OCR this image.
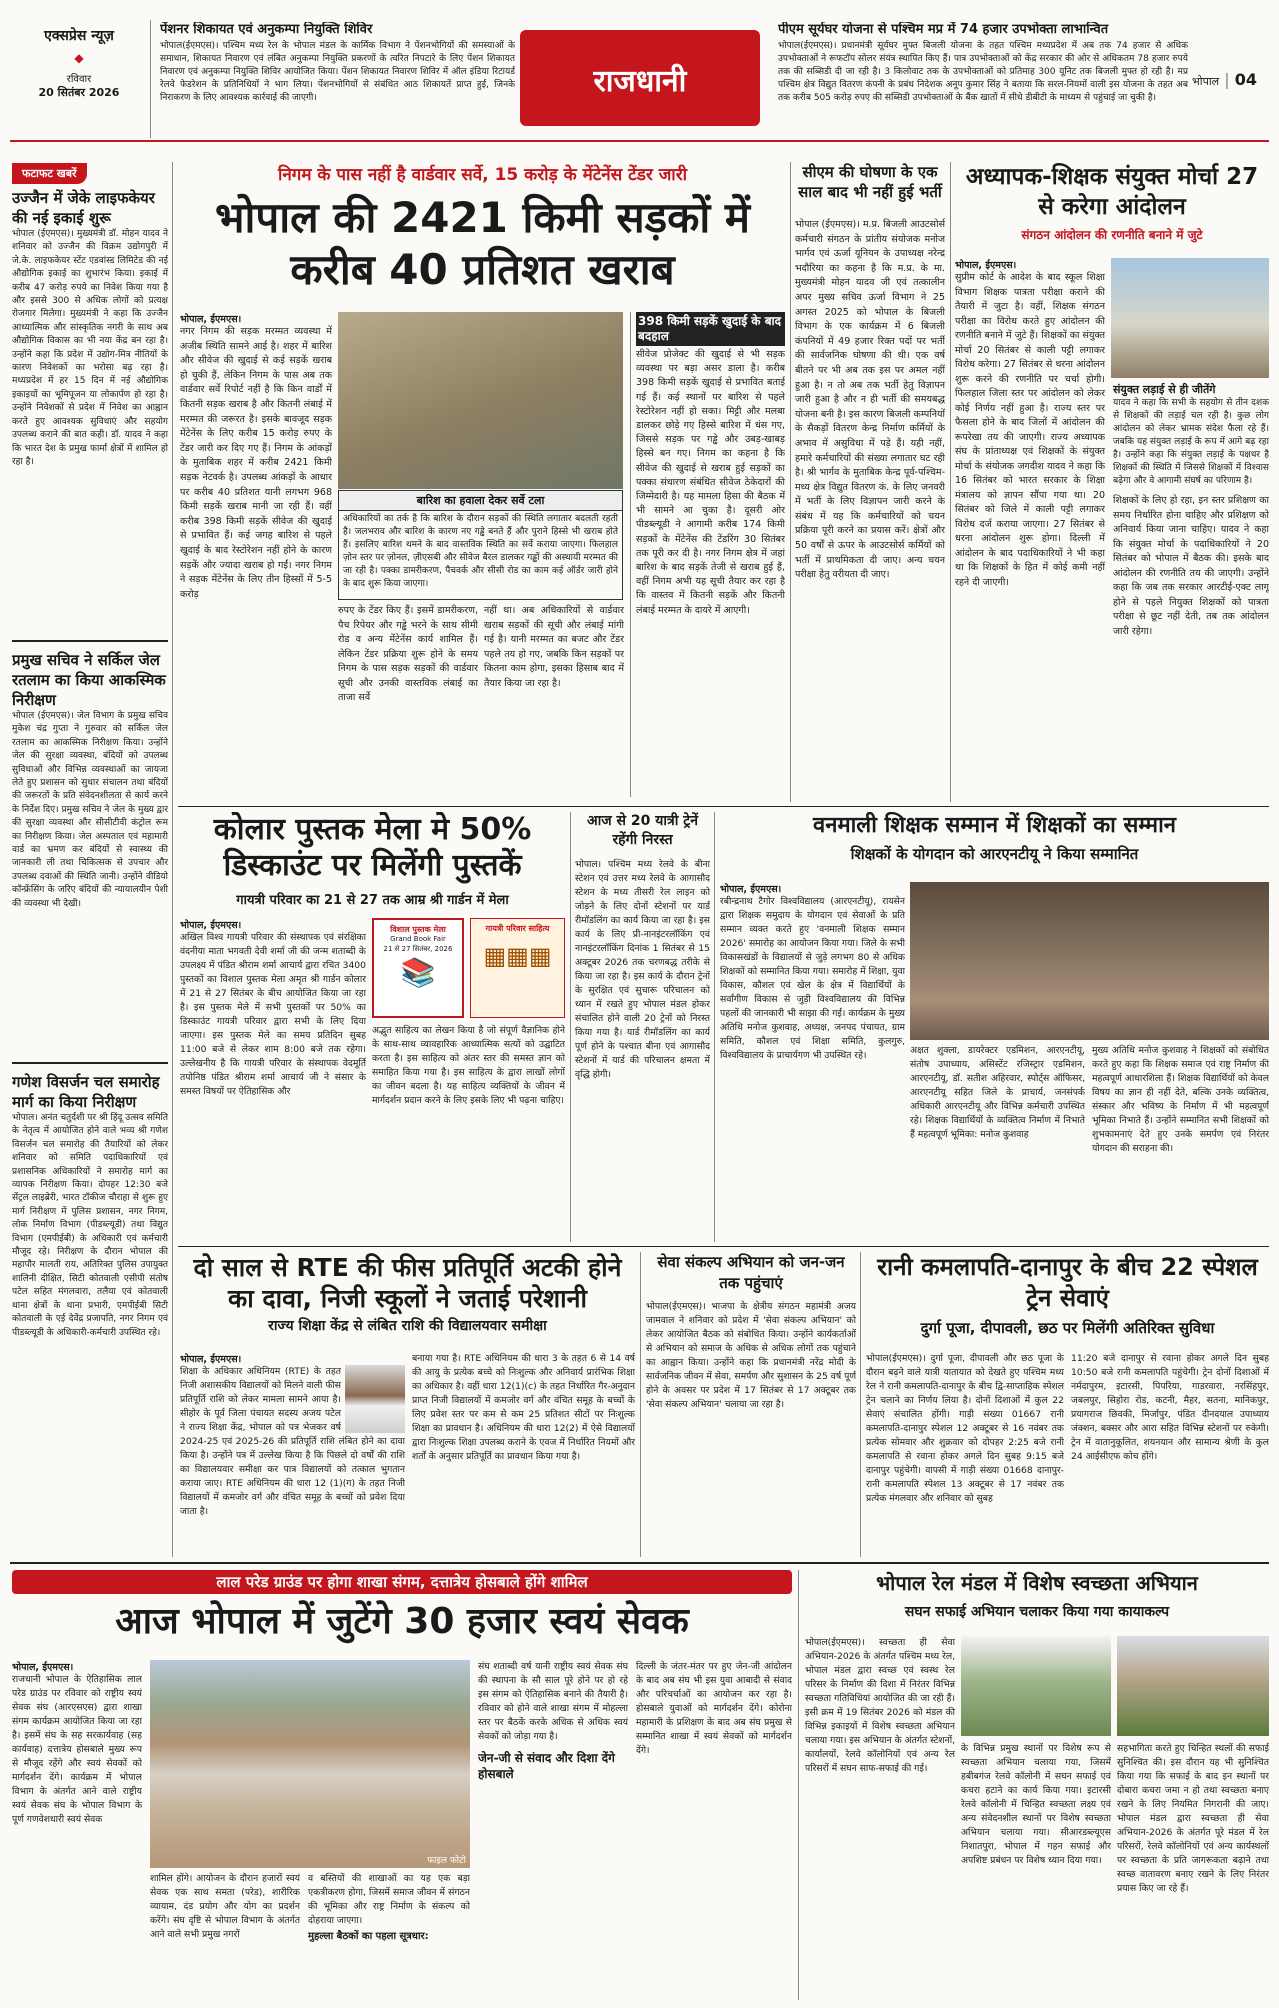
एक्सप्रेस न्यूज़
◆
रविवार
20 सितंबर 2026
पेंशनर शिकायत एवं अनुकम्पा नियुक्ति शिविर
भोपाल(ईएमएस)। पश्चिम मध्य रेल के भोपाल मंडल के कार्मिक विभाग ने पेंशनभोगियों की समस्याओं के समाधान, शिकायत निवारण एवं लंबित अनुकम्पा नियुक्ति प्रकरणों के त्वरित निपटारे के लिए पेंशन शिकायत निवारण एवं अनुकम्पा नियुक्ति शिविर आयोजित किया। पेंशन शिकायत निवारण शिविर में ऑल इंडिया रिटायर्ड रेलवे फेडरेशन के प्रतिनिधियों ने भाग लिया। पेंशनभोगियों से संबंधित आठ शिकायतें प्राप्त हुई, जिनके निराकरण के लिए आवश्यक कार्रवाई की जाएगी।	राजधानी
पीएम सूर्यघर योजना से पश्चिम मप्र में 74 हजार उपभोक्ता लाभान्वित
भोपाल(ईएमएस)। प्रधानमंत्री सूर्यघर मुफ्त बिजली योजना के तहत पश्चिम मध्यप्रदेश में अब तक 74 हजार से अधिक उपभोक्ताओं ने रूफटॉप सोलर संयंत्र स्थापित किए हैं। पात्र उपभोक्ताओं को केंद्र सरकार की ओर से अधिकतम 78 हजार रुपये तक की सब्सिडी दी जा रही है। 3 किलोवाट तक के उपभोक्ताओं को प्रतिमाह 300 यूनिट तक बिजली मुफ्त हो रही है। मप्र पश्चिम क्षेत्र विद्युत वितरण कंपनी के प्रबंध निदेशक अनूप कुमार सिंह ने बताया कि सरल-नियमों वाली इस योजना के तहत अब तक करीब 505 करोड़ रुपए की सब्सिडी उपभोक्ताओं के बैंक खातों में सीधे डीबीटी के माध्यम से पहुंचाई जा चुकी है।
भोपाल | 04
फटाफट खबरें
उज्जैन में जेके लाइफकेयर की नई इकाई शुरू
भोपाल (ईएमएस)। मुख्यमंत्री डॉ. मोहन यादव ने शनिवार को उज्जैन की विक्रम उद्योगपुरी में जे.के. लाइफकेयर स्टेंट एडवांस्ड लिमिटेड की नई औद्योगिक इकाई का शुभारंभ किया। इकाई में करीब 47 करोड़ रुपये का निवेश किया गया है और इससे 300 से अधिक लोगों को प्रत्यक्ष रोजगार मिलेगा। मुख्यमंत्री ने कहा कि उज्जैन आध्यात्मिक और सांस्कृतिक नगरी के साथ अब औद्योगिक विकास का भी नया केंद्र बन रहा है। उन्होंने कहा कि प्रदेश में उद्योग-मित्र नीतियों के कारण निवेशकों का भरोसा बढ़ रहा है। मध्यप्रदेश में हर 15 दिन में नई औद्योगिक इकाइयों का भूमिपूजन या लोकार्पण हो रहा है। उन्होंने निवेशकों से प्रदेश में निवेश का आह्वान करते हुए आवश्यक सुविधाएं और सहयोग उपलब्ध कराने की बात कही। डॉ. यादव ने कहा कि भारत देश के प्रमुख फार्मा क्षेत्रों में शामिल हो रहा है।
प्रमुख सचिव ने सर्किल जेल रतलाम का किया आकस्मिक निरीक्षण
भोपाल (ईएमएस)। जेल विभाग के प्रमुख सचिव मुकेश चंद्र गुप्ता ने गुरुवार को सर्किल जेल रतलाम का आकस्मिक निरीक्षण किया। उन्होंने जेल की सुरक्षा व्यवस्था, बंदियों को उपलब्ध सुविधाओं और विभिन्न व्यवस्थाओं का जायजा लेते हुए प्रशासन को सुधार संचालन तथा बंदियों की जरूरतों के प्रति संवेदनशीलता से कार्य करने के निर्देश दिए। प्रमुख सचिव ने जेल के मुख्य द्वार की सुरक्षा व्यवस्था और सीसीटीवी कंट्रोल रूम का निरीक्षण किया। जेल अस्पताल एवं महामारी वार्ड का भ्रमण कर बंदियों से स्वास्थ्य की जानकारी ली तथा चिकित्सक से उपचार और उपलब्ध दवाओं की स्थिति जानी। उन्होंने वीडियो कॉन्फ्रेंसिंग के जरिए बंदियों की न्यायालयीन पेशी की व्यवस्था भी देखी।
गणेश विसर्जन चल समारोह मार्ग का किया निरीक्षण
भोपाल। अनंत चतुर्दशी पर श्री हिंदू उत्सव समिति के नेतृत्व में आयोजित होने वाले भव्य श्री गणेश विसर्जन चल समारोह की तैयारियों को लेकर शनिवार को समिति पदाधिकारियों एवं प्रशासनिक अधिकारियों ने समारोह मार्ग का व्यापक निरीक्षण किया। दोपहर 12:30 बजे सेंट्रल लाइब्रेरी, भारत टॉकीज चौराहा से शुरू हुए मार्ग निरीक्षण में पुलिस प्रशासन, नगर निगम, लोक निर्माण विभाग (पीडब्ल्यूडी) तथा विद्युत विभाग (एमपीईबी) के अधिकारी एवं कर्मचारी मौजूद रहे। निरीक्षण के दौरान भोपाल की महापौर मालती राय, अतिरिक्त पुलिस उपायुक्त शालिनी दीक्षित, सिटी कोतवाली एसीपी संतोष पटेल सहित मंगलवारा, तलैया एवं कोतवाली थाना क्षेत्रों के थाना प्रभारी, एमपीईबी सिटी कोतवाली के एई देवेंद्र प्रजापति, नगर निगम एवं पीडब्ल्यूडी के अधिकारी-कर्मचारी उपस्थित रहे।
निगम के पास नहीं है वार्डवार सर्वे, 15 करोड़ के मेंटेनेंस टेंडर जारी
भोपाल की 2421 किमी सड़कों में करीब 40 प्रतिशत खराब
भोपाल, ईएमएस।
नगर निगम की सड़क मरम्मत व्यवस्था में अजीब स्थिति सामने आई है। शहर में बारिश और सीवेज की खुदाई से कई सड़कें खराब हो चुकी हैं, लेकिन निगम के पास अब तक वार्डवार सर्वे रिपोर्ट नहीं है कि किन वार्डों में कितनी सड़क खराब है और कितनी लंबाई में मरम्मत की जरूरत है। इसके बावजूद सड़क मेंटेनेंस के लिए करीब 15 करोड़ रुपए के टेंडर जारी कर दिए गए हैं। निगम के आंकड़ों के मुताबिक शहर में करीब 2421 किमी सड़क नेटवर्क है। उपलब्ध आंकड़ों के आधार पर करीब 40 प्रतिशत यानी लगभग 968 किमी सड़कें खराब मानी जा रही हैं। वहीं करीब 398 किमी सड़कें सीवेज की खुदाई से प्रभावित हैं। कई जगह बारिश से पहले खुदाई के बाद रेस्टोरेशन नहीं होने के कारण सड़कें और ज्यादा खराब हो गईं। नगर निगम ने सड़क मेंटेनेंस के लिए तीन हिस्सों में 5-5 करोड़
बारिश का हवाला देकर सर्वे टला
अधिकारियों का तर्क है कि बारिश के दौरान सड़कों की स्थिति लगातार बदलती रहती है। जलभराव और बारिश के कारण नए गड्ढे बनते हैं और पुराने हिस्से भी खराब होते हैं। इसलिए बारिश थमने के बाद वास्तविक स्थिति का सर्वे कराया जाएगा। फिलहाल ज़ोन स्तर पर ज़ोनल, ज़ीएसबी और सीवेज बैरल डालकर गड्ढों की अस्थायी मरम्मत की जा रही है। पक्का डामरीकरण, पैचवर्क और सीसी रोड का काम कई ऑर्डर जारी होने के बाद शुरू किया जाएगा।
रुपए के टेंडर किए हैं। इसमें डामरीकरण, पैच रिपेयर और गड्ढे भरने के साथ सीमी रोड व अन्य मेंटेनेंस कार्य शामिल हैं। लेकिन टेंडर प्रक्रिया शुरू होने के समय निगम के पास सड़क सड़कों की वार्डवार सूची और उनकी वास्तविक लंबाई का ताजा सर्वे
नहीं था। अब अधिकारियों से वार्डवार खराब सड़कों की सूची और लंबाई मांगी गई है। यानी मरम्मत का बजट और टेंडर पहले तय हो गए, जबकि किन सड़कों पर कितना काम होगा, इसका हिसाब बाद में तैयार किया जा रहा है।
398 किमी सड़कें खुदाई के बाद बदहाल
सीवेज प्रोजेक्ट की खुदाई से भी सड़क व्यवस्था पर बड़ा असर डाला है। करीब 398 किमी सड़कें खुदाई से प्रभावित बताई गई हैं। कई स्थानों पर बारिश से पहले रेस्टोरेशन नहीं हो सका। मिट्टी और मलबा डालकर छोड़े गए हिस्से बारिश में धंस गए, जिससे सड़क पर गड्ढे और उबड़-खाबड़ हिस्से बन गए। निगम का कहना है कि सीवेज की खुदाई से खराब हुई सड़कों का पक्का संधारण संबंधित सीवेज ठेकेदारों की जिम्मेदारी है। यह मामला हिसा की बैठक में भी सामने आ चुका है। दूसरी ओर पीडब्ल्यूडी ने आगामी करीब 174 किमी सड़कों के मेंटेनेंस की टेंडरिंग 30 सितंबर तक पूरी कर दी है। नगर निगम क्षेत्र में जहां बारिश के बाद सड़कें तेजी से खराब हुई हैं, वहीं निगम अभी यह सूची तैयार कर रहा है कि वास्तव में कितनी सड़कें और कितनी लंबाई मरम्मत के दायरे में आएगी।
सीएम की घोषणा के एक साल बाद भी नहीं हुई भर्ती
भोपाल (ईएमएस)। म.प्र. बिजली आउटसोर्स कर्मचारी संगठन के प्रांतीय संयोजक मनोज भार्गव एवं ऊर्जा यूनियन के उपाध्यक्ष नरेन्द्र भदौरिया का कहना है कि म.प्र. के मा. मुख्यमंत्री मोहन यादव जी एवं तत्कालीन अपर मुख्य सचिव ऊर्जा विभाग ने 25 अगस्त 2025 को भोपाल के बिजली विभाग के एक कार्यक्रम में 6 बिजली कंपनियों में 49 हजार रिक्त पदों पर भर्ती की सार्वजनिक घोषणा की थी। एक वर्ष बीतने पर भी अब तक इस पर अमल नहीं हुआ है। न तो अब तक भर्ती हेतु विज्ञापन जारी हुआ है और न ही भर्ती की समयबद्ध योजना बनी है। इस कारण बिजली कम्पनियों के सैकड़ों वितरण केन्द्र निर्माण कर्मियों के अभाव में असुविधा में पड़े हैं। यही नहीं, हमारे कर्मचारियों की संख्या लगातार घट रही है। श्री भार्गव के मुताबिक केन्द्र पूर्व-पश्चिम-मध्य क्षेत्र विद्युत वितरण कं. के लिए जनवरी में भर्ती के लिए विज्ञापन जारी करने के संबंध में यह कि कर्मचारियों को चयन प्रक्रिया पूरी करने का प्रयास करें। क्षेत्रों और 50 वर्षों से ऊपर के आउटसोर्स कर्मियों को भर्ती में प्राथमिकता दी जाए। अन्य चयन परीक्षा हेतु वरीयता दी जाए।
अध्यापक-शिक्षक संयुक्त मोर्चा 27 से करेगा आंदोलन
संगठन आंदोलन की रणनीति बनाने में जुटे
भोपाल, ईएमएस।
सुप्रीम कोर्ट के आदेश के बाद स्कूल शिक्षा विभाग शिक्षक पात्रता परीक्षा कराने की तैयारी में जुटा है। वहीं, शिक्षक संगठन परीक्षा का विरोध करते हुए आंदोलन की रणनीति बनाने में जुटे हैं। शिक्षकों का संयुक्त मोर्चा 20 सितंबर से काली पट्टी लगाकर विरोध करेगा। 27 सितंबर से धरना आंदोलन शुरू करने की रणनीति पर चर्चा होगी। फिलहाल जिला स्तर पर आंदोलन को लेकर कोई निर्णय नहीं हुआ है। राज्य स्तर पर फैसला होने के बाद जिलों में आंदोलन की रूपरेखा तय की जाएगी। राज्य अध्यापक संघ के प्रांताध्यक्ष एवं शिक्षकों के संयुक्त मोर्चा के संयोजक जगदीश यादव ने कहा कि 16 सितंबर को भारत सरकार के शिक्षा मंत्रालय को ज्ञापन सौंपा गया था। 20 सितंबर को जिले में काली पट्टी लगाकर विरोध दर्ज कराया जाएगा। 27 सितंबर से धरना आंदोलन शुरू होगा। दिल्ली में आंदोलन के बाद पदाधिकारियों ने भी कहा था कि शिक्षकों के हित में कोई कमी नहीं रहने दी जाएगी।
संयुक्त लड़ाई से ही जीतेंगे
यादव ने कहा कि सभी के सहयोग से तीन दशक से शिक्षकों की लड़ाई चल रही है। कुछ लोग आंदोलन को लेकर भ्रामक संदेश फैला रहे हैं। जबकि यह संयुक्त लड़ाई के रूप में आगे बढ़ रहा है। उन्होंने कहा कि संयुक्त लड़ाई के पक्षधर है शिक्षकों की स्थिति में जिससे शिक्षकों में विश्वास बढ़ेगा और वे आगामी संघर्ष का परिणाम है।
शिक्षकों के लिए हो रहा, इन स्तर प्रशिक्षण का समय निर्धारित होना चाहिए और प्रशिक्षण को अनिवार्य किया जाना चाहिए। यादव ने कहा कि संयुक्त मोर्चा के पदाधिकारियों ने 20 सितंबर को भोपाल में बैठक की। इसके बाद आंदोलन की रणनीति तय की जाएगी। उन्होंने कहा कि जब तक सरकार आरटीई-एक्ट लागू होने से पहले नियुक्त शिक्षकों को पात्रता परीक्षा से छूट नहीं देती, तब तक आंदोलन जारी रहेगा।
कोलार पुस्तक मेला मे 50% डिस्काउंट पर मिलेंगी पुस्तकें
गायत्री परिवार का 21 से 27 तक आम्र श्री गार्डन में मेला
भोपाल, ईएमएस।
अखिल विश्व गायत्री परिवार की संस्थापक एवं संरक्षिका वंदनीया माता भगवती देवी शर्मा जी की जन्म शताब्दी के उपलक्ष्य में पंडित श्रीराम शर्मा आचार्य द्वारा रचित 3400 पुस्तकों का विशाल पुस्तक मेला अमृत श्री गार्डन कोलार में 21 से 27 सितंबर के बीच आयोजित किया जा रहा है। इस पुस्तक मेले में सभी पुस्तकों पर 50% का डिस्काउंट गायत्री परिवार द्वारा सभी के लिए दिया जाएगा। इस पुस्तक मेले का समय प्रतिदिन सुबह 11:00 बजे से लेकर शाम 8:00 बजे तक रहेगा। उल्लेखनीय है कि गायत्री परिवार के संस्थापक वेदमूर्ति तपोनिष्ठ पंडित श्रीराम शर्मा आचार्य जी ने संसार के समस्त विषयों पर ऐतिहासिक और
विशाल पुस्तक मेला
Grand Book Fair
21 से 27 सितंबर, 2026
📚
गायत्री परिवार साहित्य
▦▦▦
अद्भुत साहित्य का लेखन किया है जो संपूर्ण वैज्ञानिक होने के साथ-साथ व्यावहारिक आध्यात्मिक सत्यों को उद्घाटित करता है। इस साहित्य को अंतर स्तर की समस्त ज्ञान को समाहित किया गया है। इस साहित्य के द्वारा लाखों लोगों का जीवन बदला है। यह साहित्य व्यक्तियों के जीवन में मार्गदर्शन प्रदान करने के लिए इसके लिए भी पढ़ना चाहिए।
आज से 20 यात्री ट्रेनें रहेंगी निरस्त
भोपाल। पश्चिम मध्य रेलवे के बीना स्टेशन एवं उत्तर मध्य रेलवे के आगासौद स्टेशन के मध्य तीसरी रेल लाइन को जोड़ने के लिए दोनों स्टेशनों पर यार्ड रीमॉडलिंग का कार्य किया जा रहा है। इस कार्य के लिए प्री-नानइंटरलॉकिंग एवं नानइंटरलॉकिंग दिनांक 1 सितंबर से 15 अक्टूबर 2026 तक चरणबद्ध तरीके से किया जा रहा है। इस कार्य के दौरान ट्रेनों के सुरक्षित एवं सुचारू परिचालन को ध्यान में रखते हुए भोपाल मंडल होकर संचालित होने वाली 20 ट्रेनों को निरस्त किया गया है। यार्ड रीमॉडलिंग का कार्य पूर्ण होने के पश्चात बीना एवं आगासौद स्टेशनों में यार्ड की परिचालन क्षमता में वृद्धि होगी।
वनमाली शिक्षक सम्मान में शिक्षकों का सम्मान
शिक्षकों के योगदान को आरएनटीयू ने किया सम्मानित
भोपाल, ईएमएस।
रबीन्द्रनाथ टैगोर विश्वविद्यालय (आरएनटीयू), रायसेन द्वारा शिक्षक समुदाय के योगदान एवं सेवाओं के प्रति सम्मान व्यक्त करते हुए 'वनमाली शिक्षक सम्मान 2026' समारोह का आयोजन किया गया। जिले के सभी विकासखंडों के विद्यालयों से जुड़े लगभग 80 से अधिक शिक्षकों को सम्मानित किया गया। समारोह में शिक्षा, युवा विकास, कौशल एवं खेल के क्षेत्र में विद्यार्थियों के सर्वांगीण विकास से जुड़ी विश्वविद्यालय की विभिन्न पहलों की जानकारी भी साझा की गई। कार्यक्रम के मुख्य अतिथि मनोज कुशवाह, अध्यक्ष, जनपद पंचायत, ग्राम समिति, कौशल एवं शिक्षा समिति, कुलगुरु, विश्वविद्यालय के प्राचार्यगण भी उपस्थित रहे।	अक्षत शुक्ला, डायरेक्टर एडमिशन, आरएनटीयू, संतोष उपाध्याय, असिस्टेंट रजिस्ट्रार एडमिशन, आरएनटीयू, डॉ. सतीश अहिरवार, स्पोर्ट्स ऑफिसर, आरएनटीयू सहित जिले के प्राचार्य, जनसंपर्क अधिकारी आरएनटीयू और विभिन्न कर्मचारी उपस्थित रहे। शिक्षक विद्यार्थियों के व्यक्तित्व निर्माण में निभाते हैं महत्वपूर्ण भूमिका: मनोज कुशवाह
मुख्य अतिथि मनोज कुशवाह ने शिक्षकों को संबोधित करते हुए कहा कि शिक्षक समाज एवं राष्ट्र निर्माण की महत्वपूर्ण आधारशिला हैं। शिक्षक विद्यार्थियों को केवल विषय का ज्ञान ही नहीं देते, बल्कि उनके व्यक्तित्व, संस्कार और भविष्य के निर्माण में भी महत्वपूर्ण भूमिका निभाते हैं। उन्होंने सम्मानित सभी शिक्षकों को शुभकामनाएं देते हुए उनके समर्पण एवं निरंतर योगदान की सराहना की।
दो साल से RTE की फीस प्रतिपूर्ति अटकी होने का दावा, निजी स्कूलों ने जताई परेशानी
राज्य शिक्षा केंद्र से लंबित राशि की विद्यालयवार समीक्षा
भोपाल, ईएमएस।
शिक्षा के अधिकार अधिनियम (RTE) के तहत निजी अशासकीय विद्यालयों को मिलने वाली फीस प्रतिपूर्ति राशि को लेकर मामला सामने आया है। सीहोर के पूर्व जिला पंचायत सदस्य अजय पटेल ने राज्य शिक्षा केंद्र, भोपाल को पत्र भेजकर वर्ष 2024-25 एवं 2025-26 की प्रतिपूर्ति राशि लंबित होने का दावा किया है। उन्होंने पत्र में उल्लेख किया है कि पिछले दो वर्षों की राशि का विद्यालयवार समीक्षा कर पात्र विद्यालयों को तत्काल भुगतान कराया जाए। RTE अधिनियम की धारा 12 (1)(ग) के तहत निजी विद्यालयों में कमजोर वर्ग और वंचित समूह के बच्चों को प्रवेश दिया जाता है।
बनाया गया है। RTE अधिनियम की धारा 3 के तहत 6 से 14 वर्ष की आयु के प्रत्येक बच्चे को निःशुल्क और अनिवार्य प्रारंभिक शिक्षा का अधिकार है। वहीं धारा 12(1)(c) के तहत निर्धारित गैर-अनुदान प्राप्त निजी विद्यालयों में कमजोर वर्ग और वंचित समूह के बच्चों के लिए प्रवेश स्तर पर कम से कम 25 प्रतिशत सीटों पर निःशुल्क शिक्षा का प्रावधान है। अधिनियम की धारा 12(2) में ऐसे विद्यालयों द्वारा निःशुल्क शिक्षा उपलब्ध कराने के एवज में निर्धारित नियमों और शर्तों के अनुसार प्रतिपूर्ति का प्रावधान किया गया है।
सेवा संकल्प अभियान को जन-जन तक पहुंचाएं
भोपाल(ईएमएस)। भाजपा के क्षेत्रीय संगठन महामंत्री अजय जामवाल ने शनिवार को प्रदेश में 'सेवा संकल्प अभियान' को लेकर आयोजित बैठक को संबोधित किया। उन्होंने कार्यकर्ताओं से अभियान को समाज के अधिक से अधिक लोगों तक पहुंचाने का आह्वान किया। उन्होंने कहा कि प्रधानमंत्री नरेंद्र मोदी के सार्वजनिक जीवन में सेवा, समर्पण और सुशासन के 25 वर्ष पूर्ण होने के अवसर पर प्रदेश में 17 सितंबर से 17 अक्टूबर तक 'सेवा संकल्प अभियान' चलाया जा रहा है।
रानी कमलापति-दानापुर के बीच 22 स्पेशल ट्रेन सेवाएं
दुर्गा पूजा, दीपावली, छठ पर मिलेंगी अतिरिक्त सुविधा
भोपाल(ईएमएस)। दुर्गा पूजा, दीपावली और छठ पूजा के दौरान बढ़ने वाले यात्री यातायात को देखते हुए पश्चिम मध्य रेल ने रानी कमलापति-दानापुर के बीच द्वि-साप्ताहिक स्पेशल ट्रेन चलाने का निर्णय लिया है। दोनों दिशाओं में कुल 22 सेवाएं संचालित होंगी। गाड़ी संख्या 01667 रानी कमलापति-दानापुर स्पेशल 12 अक्टूबर से 16 नवंबर तक प्रत्येक सोमवार और शुक्रवार को दोपहर 2:25 बजे रानी कमलापति से रवाना होकर अगले दिन सुबह 9:15 बजे दानापुर पहुंचेगी। वापसी में गाड़ी संख्या 01668 दानापुर-रानी कमलापति स्पेशल 13 अक्टूबर से 17 नवंबर तक प्रत्येक मंगलवार और शनिवार को सुबह
11:20 बजे दानापुर से रवाना होकर अगले दिन सुबह 10:50 बजे रानी कमलापति पहुंचेगी। ट्रेन दोनों दिशाओं में नर्मदापुरम, इटारसी, पिपरिया, गाडरवारा, नरसिंहपुर, जबलपुर, सिहोरा रोड, कटनी, मैहर, सतना, मानिकपुर, प्रयागराज छिवकी, मिर्जापुर, पंडित दीनदयाल उपाध्याय जंक्शन, बक्सर और आरा सहित विभिन्न स्टेशनों पर रुकेगी। ट्रेन में वातानुकूलित, शयनयान और सामान्य श्रेणी के कुल 24 आईसीएफ कोच होंगे।
लाल परेड ग्राउंड पर होगा शाखा संगम, दत्तात्रेय होसबाले होंगे शामिल
आज भोपाल में जुटेंगे 30 हजार स्वयं सेवक
भोपाल, ईएमएस।
राजधानी भोपाल के ऐतिहासिक लाल परेड ग्राउंड पर रविवार को राष्ट्रीय स्वयं सेवक संघ (आरएसएस) द्वारा शाखा संगम कार्यक्रम आयोजित किया जा रहा है। इसमें संघ के सह सरकार्यवाह (सह कार्यवाह) दत्तात्रेय होसबाले मुख्य रूप से मौजूद रहेंगे और स्वयं सेवकों को मार्गदर्शन देंगे। कार्यक्रम में भोपाल विभाग के अंतर्गत आने वाले राष्ट्रीय स्वयं सेवक संघ के भोपाल विभाग के पूर्ण गणवेशधारी स्वयं सेवक
फाइल फोटो
शामिल होंगे। आयोजन के दौरान हजारों स्वयं सेवक एक साथ समता (परेड), शारीरिक व्यायाम, दंड प्रयोग और योग का प्रदर्शन करेंगे। संघ दृष्टि से भोपाल विभाग के अंतर्गत आने वाले सभी प्रमुख नगरों
व बस्तियों की शाखाओं का यह एक बड़ा एकत्रीकरण होगा, जिसमें समाज जीवन में संगठन की भूमिका और राष्ट्र निर्माण के संकल्प को दोहराया जाएगा।
मुहल्ला बैठकों का पहला सूत्रधार:
संघ शताब्दी वर्ष यानी राष्ट्रीय स्वयं सेवक संघ की स्थापना के सौ साल पूरे होने पर हो रहे इस संगम को ऐतिहासिक बनाने की तैयारी है। रविवार को होने वाले शाखा संगम में मोहल्ला स्तर पर बैठकें करके अधिक से अधिक स्वयं सेवकों को जोड़ा गया है।
जेन-जी से संवाद और दिशा देंगे होसबाले
दिल्ली के जंतर-मंतर पर हुए जेन-जी आंदोलन के बाद अब संघ भी इस युवा आबादी से संवाद और परिचर्चाओं का आयोजन कर रहा है। होसबाले युवाओं को मार्गदर्शन देंगे। कोरोना महामारी के प्रशिक्षण के बाद अब संघ प्रमुख से सम्मानित शाखा में स्वयं सेवकों को मार्गदर्शन देंगे।
भोपाल रेल मंडल में विशेष स्वच्छता अभियान
सघन सफाई अभियान चलाकर किया गया कायाकल्प
भोपाल(ईएमएस)। स्वच्छता ही सेवा अभियान-2026 के अंतर्गत पश्चिम मध्य रेल, भोपाल मंडल द्वारा स्वच्छ एवं स्वस्थ रेल परिसर के निर्माण की दिशा में निरंतर विभिन्न स्वच्छता गतिविधियां आयोजित की जा रही हैं। इसी क्रम में 19 सितंबर 2026 को मंडल की विभिन्न इकाइयों में विशेष स्वच्छता अभियान चलाया गया। इस अभियान के अंतर्गत स्टेशनों, कार्यालयों, रेलवे कॉलोनियों एवं अन्य रेल परिसरों में सघन साफ-सफाई की गई।
के विभिन्न प्रमुख स्थानों पर विशेष रूप से स्वच्छता अभियान चलाया गया, जिसमें हबीबगंज रेलवे कॉलोनी में सघन सफाई एवं कचरा हटाने का कार्य किया गया। इटारसी रेलवे कॉलोनी में चिन्हित स्वच्छता लक्ष्य एवं अन्य संवेदनशील स्थानों पर विशेष स्वच्छता अभियान चलाया गया। सीआरडब्ल्यूएस निशातपुरा, भोपाल में गहन सफाई और अपशिष्ट प्रबंधन पर विशेष ध्यान दिया गया।
सहभागिता करते हुए चिन्हित स्थलों की सफाई सुनिश्चित की। इस दौरान यह भी सुनिश्चित किया गया कि सफाई के बाद इन स्थानों पर दोबारा कचरा जमा न हो तथा स्वच्छता बनाए रखने के लिए नियमित निगरानी की जाए। भोपाल मंडल द्वारा स्वच्छता ही सेवा अभियान-2026 के अंतर्गत पूरे मंडल में रेल परिसरों, रेलवे कॉलोनियों एवं अन्य कार्यस्थलों पर स्वच्छता के प्रति जागरूकता बढ़ाने तथा स्वच्छ वातावरण बनाए रखने के लिए निरंतर प्रयास किए जा रहे हैं।
